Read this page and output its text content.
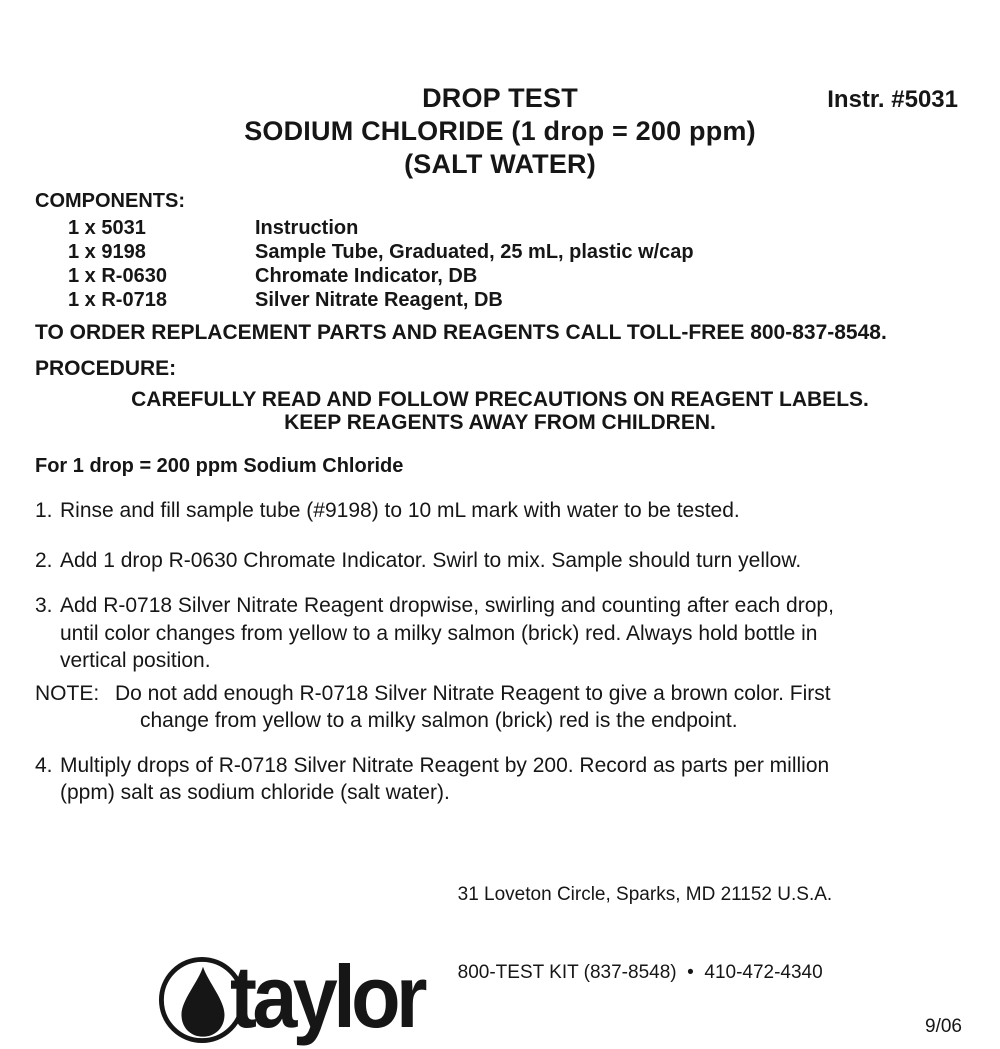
DROP TEST
SODIUM CHLORIDE (1 drop = 200 ppm)
(SALT WATER)
Instr. #5031
COMPONENTS:
1 x 5031	Instruction
1 x 9198	Sample Tube, Graduated, 25 mL, plastic w/cap
1 x R-0630	Chromate Indicator, DB
1 x R-0718	Silver Nitrate Reagent, DB
TO ORDER REPLACEMENT PARTS AND REAGENTS CALL TOLL-FREE 800-837-8548.
PROCEDURE:
CAREFULLY READ AND FOLLOW PRECAUTIONS ON REAGENT LABELS.
KEEP REAGENTS AWAY FROM CHILDREN.
For 1 drop = 200 ppm Sodium Chloride
1. Rinse and fill sample tube (#9198) to 10 mL mark with water to be tested.
2. Add 1 drop R-0630 Chromate Indicator. Swirl to mix. Sample should turn yellow.
3. Add R-0718 Silver Nitrate Reagent dropwise, swirling and counting after each drop,
until color changes from yellow to a milky salmon (brick) red. Always hold bottle in
vertical position.
NOTE: Do not add enough R-0718 Silver Nitrate Reagent to give a brown color. First
change from yellow to a milky salmon (brick) red is the endpoint.
4. Multiply drops of R-0718 Silver Nitrate Reagent by 200. Record as parts per million
(ppm) salt as sodium chloride (salt water).
taylor

31 Loveton Circle, Sparks, MD 21152 U.S.A.

800-TEST KIT (837-8548)  •  410-472-4340

9/06
